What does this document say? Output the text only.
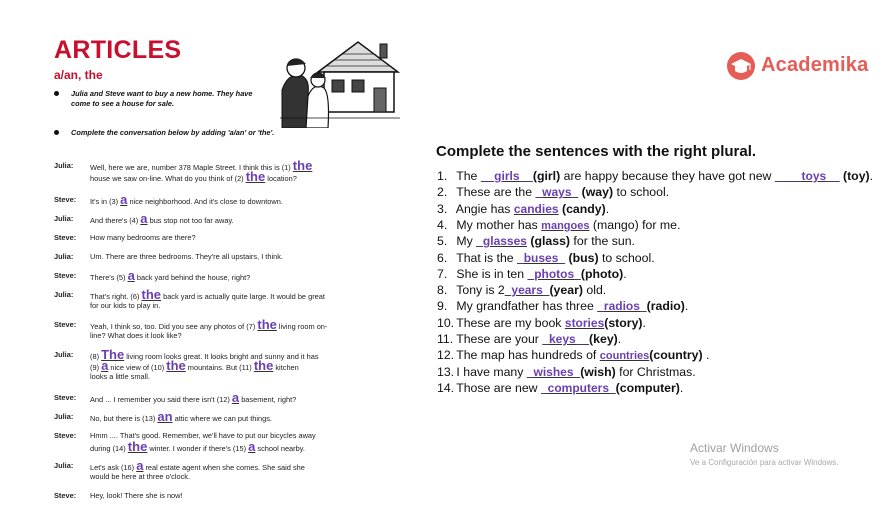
ARTICLES
a/an, the
Julia and Steve want to buy a new home. They have come to see a house for sale.
Complete the conversation below by adding 'a/an' or 'the'.
Julia:	Well, here we are, number 378 Maple Street. I think this is (1) the
house we saw on-line. What do you think of (2) the location?
Steve:	It's in (3) a nice neighborhood. And it's close to downtown.
Julia:	And there's (4) a bus stop not too far away.
Steve:	How many bedrooms are there?
Julia:	Um. There are three bedrooms. They're all upstairs, I think.
Steve:	There's (5) a back yard behind the house, right?
Julia:	That's right. (6) the back yard is actually quite large. It would be great
for our kids to play in.
Steve:	Yeah, I think so, too. Did you see any photos of (7) the living room on-
line? What does it look like?
Julia:	(8) The living room looks great. It looks bright and sunny and it has
(9) a nice view of (10) the mountains. But (11) the kitchen
looks a little small.
Steve:	And ... I remember you said there isn't (12) a basement, right?
Julia:	No, but there is (13) an attic where we can put things.
Steve:	Hmm .... That's good. Remember, we'll have to put our bicycles away
during (14) the winter. I wonder if there's (15) a school nearby.
Julia:	Let's ask (16) a real estate agent when she comes. She said she
would be here at three o'clock.
Steve:	Hey, look! There she is now!
Complete the sentences with the right plural.
1. The __girls__(girl) are happy because they have got new ____toys__ (toy).
2. These are the _ways_ (way) to school.
3. Angie has candies (candy).
4. My mother has mangoes (mango) for me.
5. My _glasses (glass) for the sun.
6. That is the _buses_ (bus) to school.
7. She is in ten _photos_(photo).
8. Tony is 2_years_(year) old.
9. My grandfather has three _radios_(radio).
10. These are my book stories(story).
11. These are your _keys__(key).
12. The map has hundreds of countries(country) .
13. I have many _wishes_(wish) for Christmas.
14. Those are new _computers_(computer).
Academika
Activar Windows
Ve a Configuración para activar Windows.
